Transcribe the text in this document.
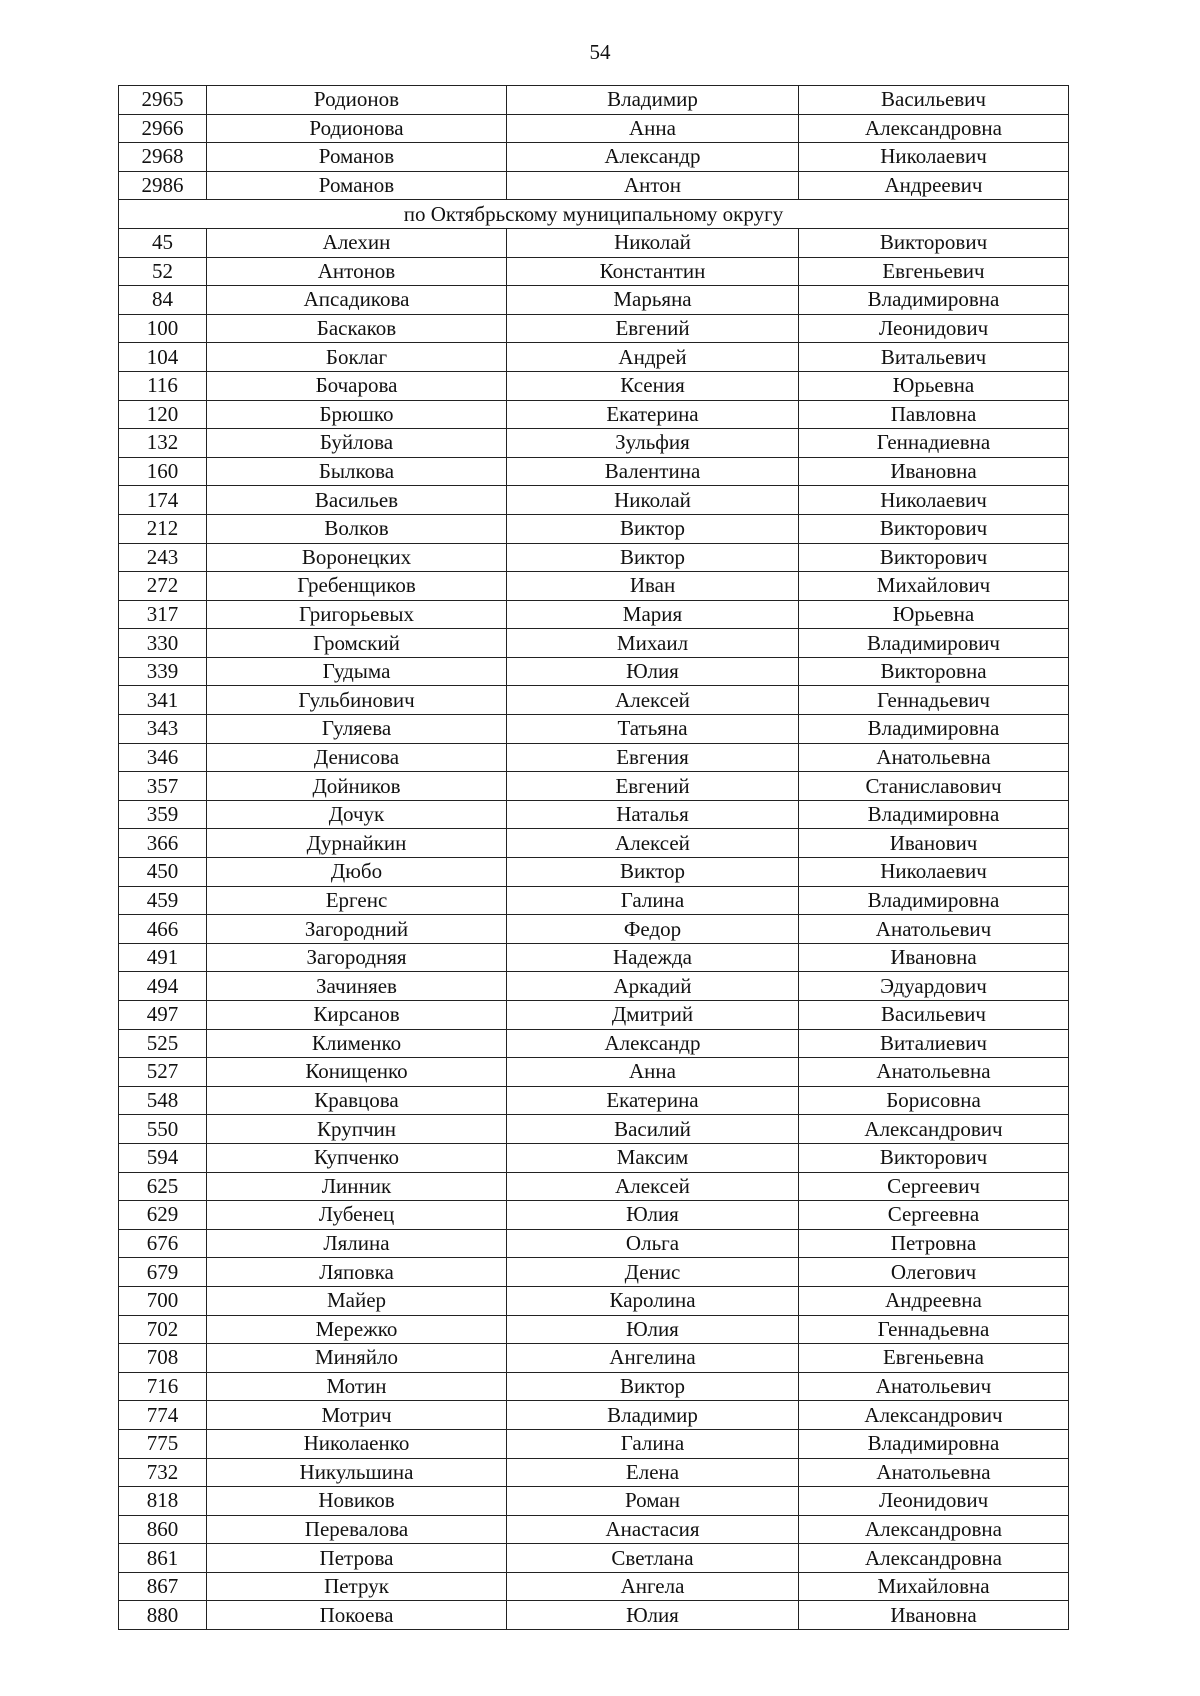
54
2965	Родионов	Владимир	Васильевич
2966	Родионова	Анна	Александровна
2968	Романов	Александр	Николаевич
2986	Романов	Антон	Андреевич
по Октябрьскому муниципальному округу			
45	Алехин	Николай	Викторович
52	Антонов	Константин	Евгеньевич
84	Апсадикова	Марьяна	Владимировна
100	Баскаков	Евгений	Леонидович
104	Боклаг	Андрей	Витальевич
116	Бочарова	Ксения	Юрьевна
120	Брюшко	Екатерина	Павловна
132	Буйлова	Зульфия	Геннадиевна
160	Былкова	Валентина	Ивановна
174	Васильев	Николай	Николаевич
212	Волков	Виктор	Викторович
243	Воронецких	Виктор	Викторович
272	Гребенщиков	Иван	Михайлович
317	Григорьевых	Мария	Юрьевна
330	Громский	Михаил	Владимирович
339	Гудыма	Юлия	Викторовна
341	Гульбинович	Алексей	Геннадьевич
343	Гуляева	Татьяна	Владимировна
346	Денисова	Евгения	Анатольевна
357	Дойников	Евгений	Станиславович
359	Дочук	Наталья	Владимировна
366	Дурнайкин	Алексей	Иванович
450	Дюбо	Виктор	Николаевич
459	Ергенс	Галина	Владимировна
466	Загородний	Федор	Анатольевич
491	Загородняя	Надежда	Ивановна
494	Зачиняев	Аркадий	Эдуардович
497	Кирсанов	Дмитрий	Васильевич
525	Клименко	Александр	Виталиевич
527	Конищенко	Анна	Анатольевна
548	Кравцова	Екатерина	Борисовна
550	Крупчин	Василий	Александрович
594	Купченко	Максим	Викторович
625	Линник	Алексей	Сергеевич
629	Лубенец	Юлия	Сергеевна
676	Лялина	Ольга	Петровна
679	Ляповка	Денис	Олегович
700	Майер	Каролина	Андреевна
702	Мережко	Юлия	Геннадьевна
708	Миняйло	Ангелина	Евгеньевна
716	Мотин	Виктор	Анатольевич
774	Мотрич	Владимир	Александрович
775	Николаенко	Галина	Владимировна
732	Никульшина	Елена	Анатольевна
818	Новиков	Роман	Леонидович
860	Перевалова	Анастасия	Александровна
861	Петрова	Светлана	Александровна
867	Петрук	Ангела	Михайловна
880	Покоева	Юлия	Ивановна
